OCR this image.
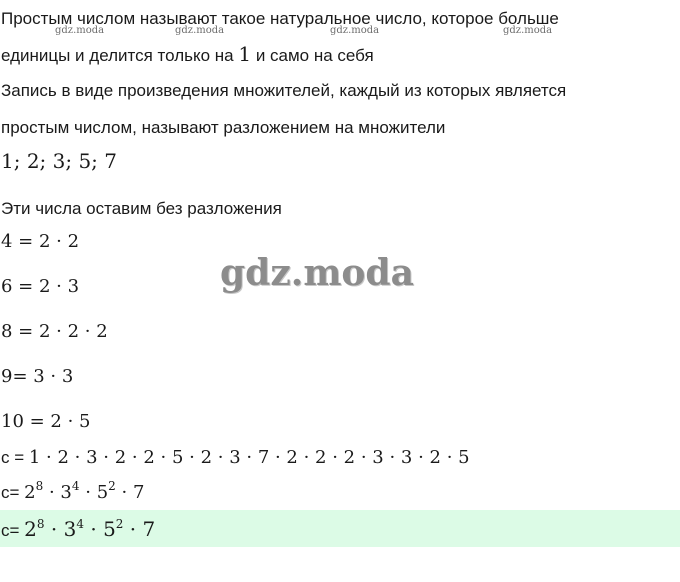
Простым числом называют такое натуральное число, которое больше
единицы и делится только на 1 и само на себя
gdz.moda	gdz.moda	gdz.moda	gdz.moda
Запись в виде произведения множителей, каждый из которых является
простым числом, называют разложением на множители
1; 2; 3; 5; 7
Эти числа оставим без разложения
4 = 2 · 2
6 = 2 · 3
8 = 2 · 2 · 2
9= 3 · 3
10 = 2 · 5
gdz.moda
c = 1 · 2 · 3 · 2 · 2 · 5 · 2 · 3 · 7 · 2 · 2 · 2 · 3 · 3 · 2 · 5
$c= 2^8 \cdot 3^4 \cdot 5^2 \cdot 7$
$c= 2^8 \cdot 3^4 \cdot 5^2 \cdot 7$
